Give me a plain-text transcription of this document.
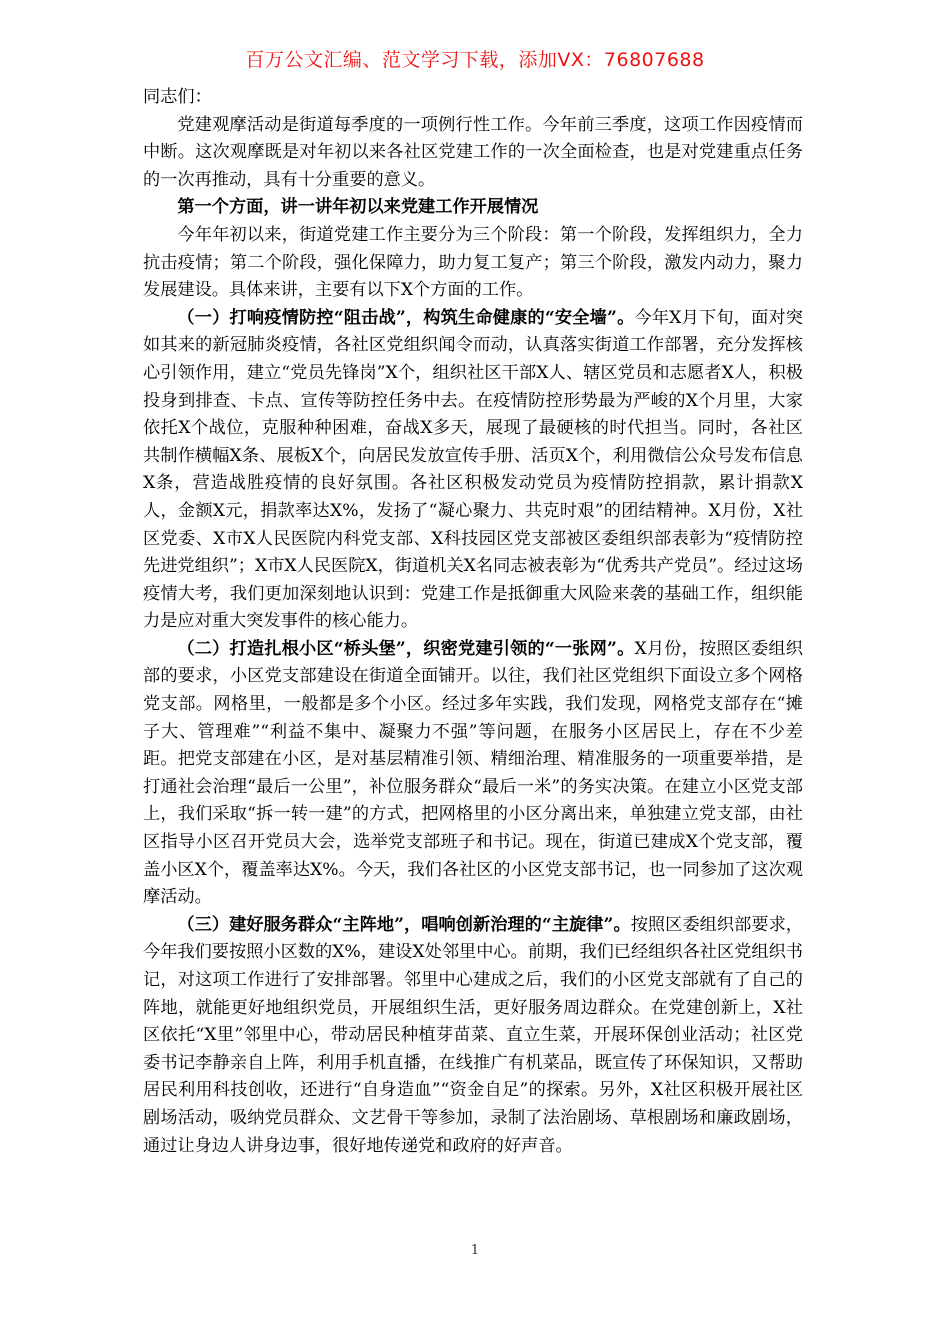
百万公文汇编、范文学习下载，添加VX：76807688

同志们：

党建观摩活动是街道每季度的一项例行性工作。今年前三季度，这项工作因疫情而中断。这次观摩既是对年初以来各社区党建工作的一次全面检查，也是对党建重点任务的一次再推动，具有十分重要的意义。

第一个方面，讲一讲年初以来党建工作开展情况

今年年初以来，街道党建工作主要分为三个阶段：第一个阶段，发挥组织力，全力抗击疫情；第二个阶段，强化保障力，助力复工复产；第三个阶段，激发内动力，聚力发展建设。具体来讲，主要有以下X个方面的工作。

（一）打响疫情防控“阻击战”，构筑生命健康的“安全墙”。今年X月下旬，面对突如其来的新冠肺炎疫情，各社区党组织闻令而动，认真落实街道工作部署，充分发挥核心引领作用，建立“党员先锋岗”X个，组织社区干部X人、辖区党员和志愿者X人，积极投身到排查、卡点、宣传等防控任务中去。在疫情防控形势最为严峻的X个月里，大家依托X个战位，克服种种困难，奋战X多天，展现了最硬核的时代担当。同时，各社区共制作横幅X条、展板X个，向居民发放宣传手册、活页X个，利用微信公众号发布信息X条，营造战胜疫情的良好氛围。各社区积极发动党员为疫情防控捐款，累计捐款X人，金额X元，捐款率达X%，发扬了“凝心聚力、共克时艰”的团结精神。X月份，X社区党委、X市X人民医院内科党支部、X科技园区党支部被区委组织部表彰为“疫情防控先进党组织”；X市X人民医院X，街道机关X名同志被表彰为“优秀共产党员”。经过这场疫情大考，我们更加深刻地认识到：党建工作是抵御重大风险来袭的基础工作，组织能力是应对重大突发事件的核心能力。

（二）打造扎根小区“桥头堡”，织密党建引领的“一张网”。X月份，按照区委组织部的要求，小区党支部建设在街道全面铺开。以往，我们社区党组织下面设立多个网格党支部。网格里，一般都是多个小区。经过多年实践，我们发现，网格党支部存在“摊子大、管理难”“利益不集中、凝聚力不强”等问题，在服务小区居民上，存在不少差距。把党支部建在小区，是对基层精准引领、精细治理、精准服务的一项重要举措，是打通社会治理“最后一公里”，补位服务群众“最后一米”的务实决策。在建立小区党支部上，我们采取“拆一转一建”的方式，把网格里的小区分离出来，单独建立党支部，由社区指导小区召开党员大会，选举党支部班子和书记。现在，街道已建成X个党支部，覆盖小区X个，覆盖率达X%。今天，我们各社区的小区党支部书记，也一同参加了这次观摩活动。

（三）建好服务群众“主阵地”，唱响创新治理的“主旋律”。按照区委组织部要求，今年我们要按照小区数的X%，建设X处邻里中心。前期，我们已经组织各社区党组织书记，对这项工作进行了安排部署。邻里中心建成之后，我们的小区党支部就有了自己的阵地，就能更好地组织党员，开展组织生活，更好服务周边群众。在党建创新上，X社区依托“X里”邻里中心，带动居民种植芽苗菜、直立生菜，开展环保创业活动；社区党委书记李静亲自上阵，利用手机直播，在线推广有机菜品，既宣传了环保知识，又帮助居民利用科技创收，还进行“自身造血”“资金自足”的探索。另外，X社区积极开展社区剧场活动，吸纳党员群众、文艺骨干等参加，录制了法治剧场、草根剧场和廉政剧场，通过让身边人讲身边事，很好地传递党和政府的好声音。

1
